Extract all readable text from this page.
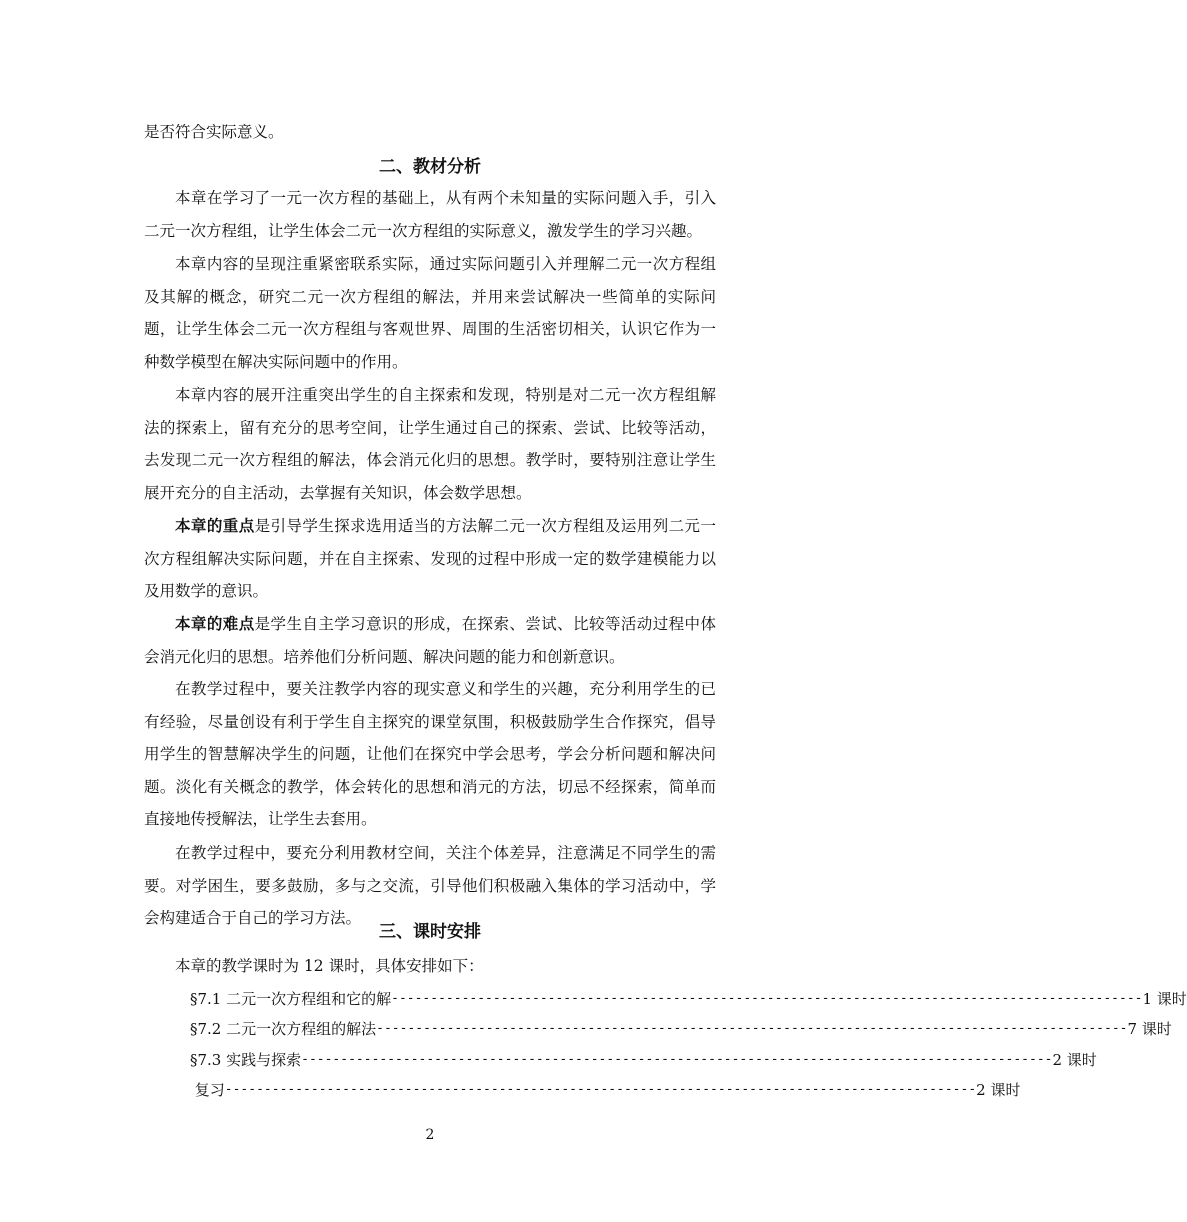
是否符合实际意义。

二、教材分析

本章在学习了一元一次方程的基础上，从有两个未知量的实际问题入手，引入二元一次方程组，让学生体会二元一次方程组的实际意义，激发学生的学习兴趣。

本章内容的呈现注重紧密联系实际，通过实际问题引入并理解二元一次方程组及其解的概念，研究二元一次方程组的解法，并用来尝试解决一些简单的实际问题，让学生体会二元一次方程组与客观世界、周围的生活密切相关，认识它作为一种数学模型在解决实际问题中的作用。

本章内容的展开注重突出学生的自主探索和发现，特别是对二元一次方程组解法的探索上，留有充分的思考空间，让学生通过自己的探索、尝试、比较等活动，去发现二元一次方程组的解法，体会消元化归的思想。教学时，要特别注意让学生展开充分的自主活动，去掌握有关知识，体会数学思想。

本章的重点是引导学生探求选用适当的方法解二元一次方程组及运用列二元一次方程组解决实际问题，并在自主探索、发现的过程中形成一定的数学建模能力以及用数学的意识。

本章的难点是学生自主学习意识的形成，在探索、尝试、比较等活动过程中体会消元化归的思想。培养他们分析问题、解决问题的能力和创新意识。

在教学过程中，要关注教学内容的现实意义和学生的兴趣，充分利用学生的已有经验，尽量创设有利于学生自主探究的课堂氛围，积极鼓励学生合作探究，倡导用学生的智慧解决学生的问题，让他们在探究中学会思考，学会分析问题和解决问题。淡化有关概念的教学，体会转化的思想和消元的方法，切忌不经探索，简单而直接地传授解法，让学生去套用。

在教学过程中，要充分利用教材空间，关注个体差异，注意满足不同学生的需要。对学困生，要多鼓励，多与之交流，引导他们积极融入集体的学习活动中，学会构建适合于自己的学习方法。

三、课时安排

本章的教学课时为 12 课时，具体安排如下：

§7.1 二元一次方程组和它的解 ------------------------------------------------------------------------------------------------ 1 课时
§7.2 二元一次方程组的解法 ------------------------------------------------------------------------------------------------ 7 课时
§7.3 实践与探索 ------------------------------------------------------------------------------------------------ 2 课时
复习 ------------------------------------------------------------------------------------------------ 2 课时
2
